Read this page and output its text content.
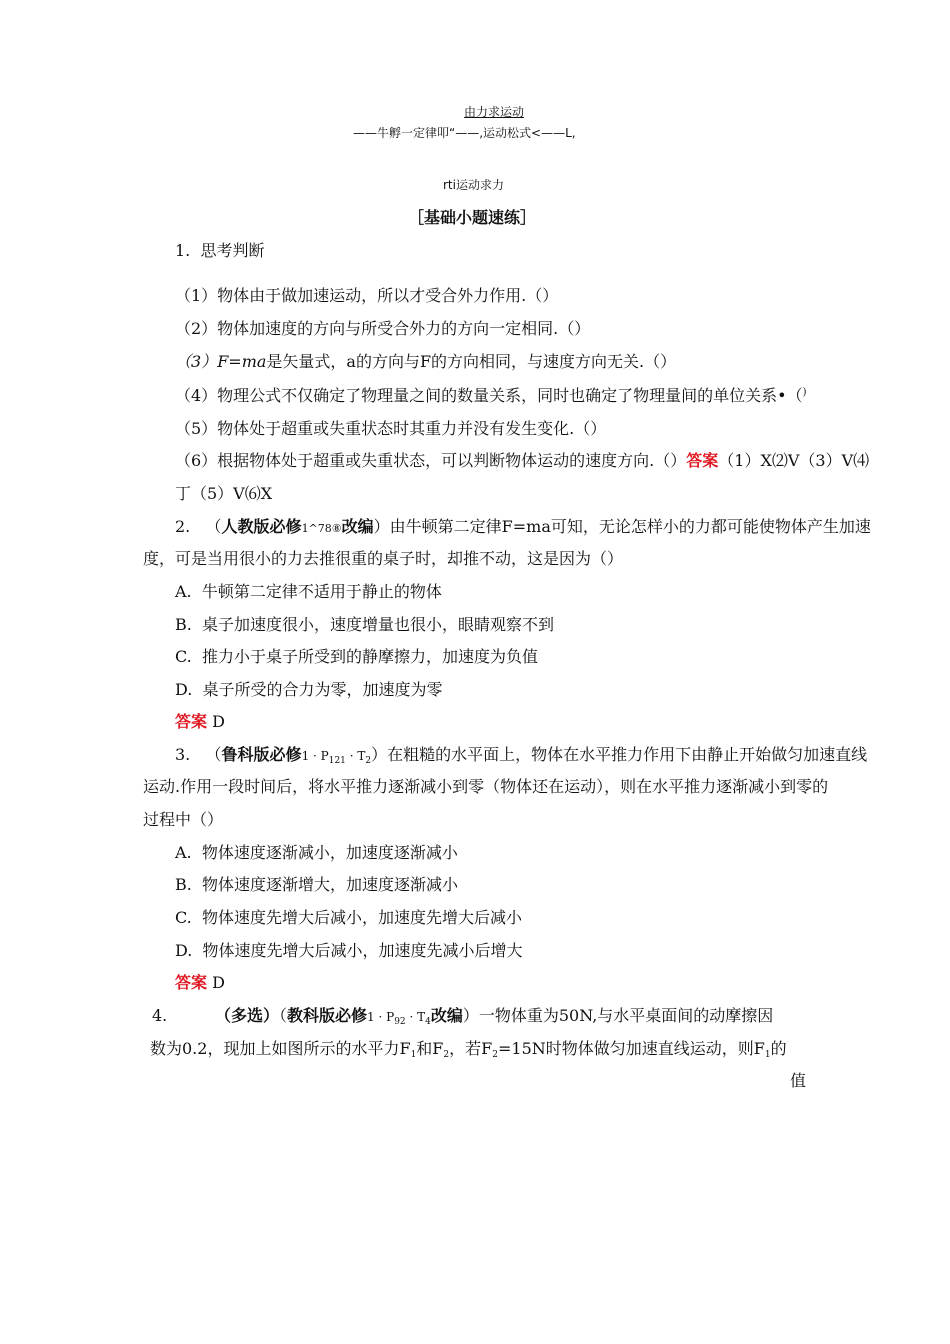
由力求运动
——牛孵一定律叩“——,运动松式<——L,
rti运动求力
［基础小题速练］
1. 思考判断
（1）物体由于做加速运动，所以才受合外力作用.（）
（2）物体加速度的方向与所受合外力的方向一定相同.（）
（3）F=ma是矢量式，a的方向与F的方向相同，与速度方向无关.（）
（4）物理公式不仅确定了物理量之间的数量关系，同时也确定了物理量间的单位关系•（)
（5）物体处于超重或失重状态时其重力并没有发生变化.（）
（6）根据物体处于超重或失重状态，可以判断物体运动的速度方向.（）答案（1）X⑵V（3）V⑷
丁（5）V⑹X
2. （人教版必修1^78⑧改编）由牛顿第二定律F=ma可知，无论怎样小的力都可能使物体产生加速
度，可是当用很小的力去推很重的桌子时，却推不动，这是因为（）
A. 牛顿第二定律不适用于静止的物体
B. 桌子加速度很小，速度增量也很小，眼睛观察不到
C. 推力小于桌子所受到的静摩擦力，加速度为负值
D. 桌子所受的合力为零，加速度为零
答案 D
3. （鲁科版必修1 · P121 · T2）在粗糙的水平面上，物体在水平推力作用下由静止开始做匀加速直线
运动.作用一段时间后，将水平推力逐渐减小到零（物体还在运动），则在水平推力逐渐减小到零的
过程中（）
A. 物体速度逐渐减小，加速度逐渐减小
B. 物体速度逐渐增大，加速度逐渐减小
C. 物体速度先增大后减小，加速度先增大后减小
D. 物体速度先增大后减小，加速度先减小后增大
答案 D
4.	（多选）（教科版必修1 · P92 · T4改编）一物体重为50N,与水平桌面间的动摩擦因
数为0.2，现加上如图所示的水平力F1和F2，若F2=15N时物体做匀加速直线运动，则F1的
值
